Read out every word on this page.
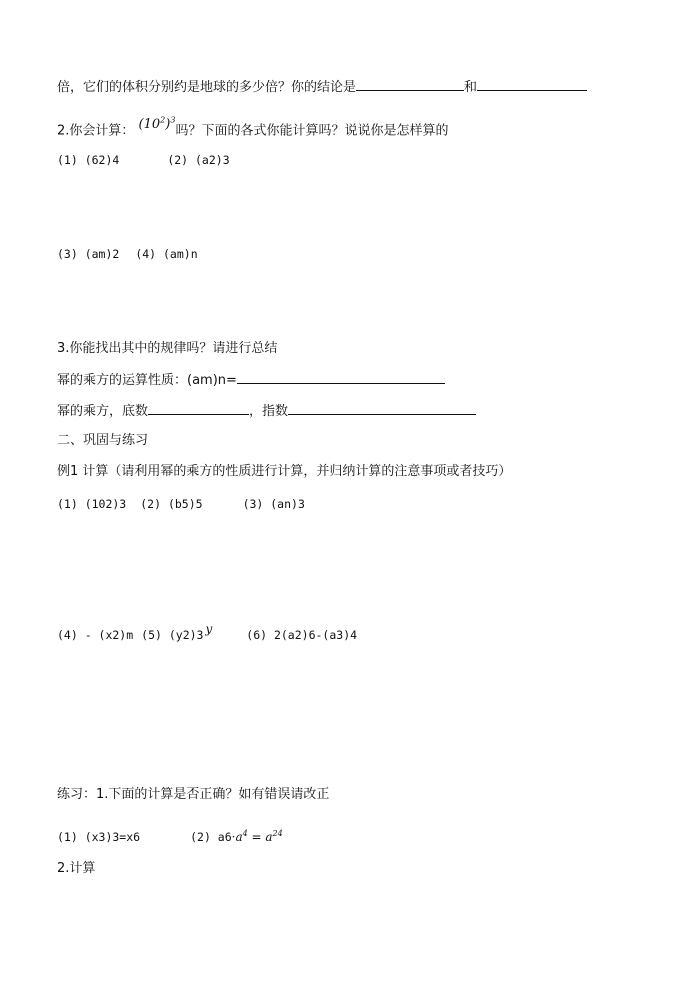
倍，它们的体积分别约是地球的多少倍？你的结论是	和
2.你会计算： $(10^2)^3$吗？下面的各式你能计算吗？说说你是怎样算的
(1) (62)4	(2) (a2)3
(3) (am)2 (4) (am)n
3.你能找出其中的规律吗？请进行总结
幂的乘方的运算性质：(am)n=
幂的乘方，底数	，指数
二、巩固与练习
例1 计算（请利用幂的乘方的性质进行计算，并归纳计算的注意事项或者技巧）
(1) (102)3 (2) (b5)5	(3) (an)3
(4) - (x2)m (5) (y2)3 y	(6) 2(a2)6-(a3)4
练习：1.下面的计算是否正确？如有错误请改正
(1) (x3)3=x6	(2) $a6\cdot a^4 = a^{24}$
2.计算
